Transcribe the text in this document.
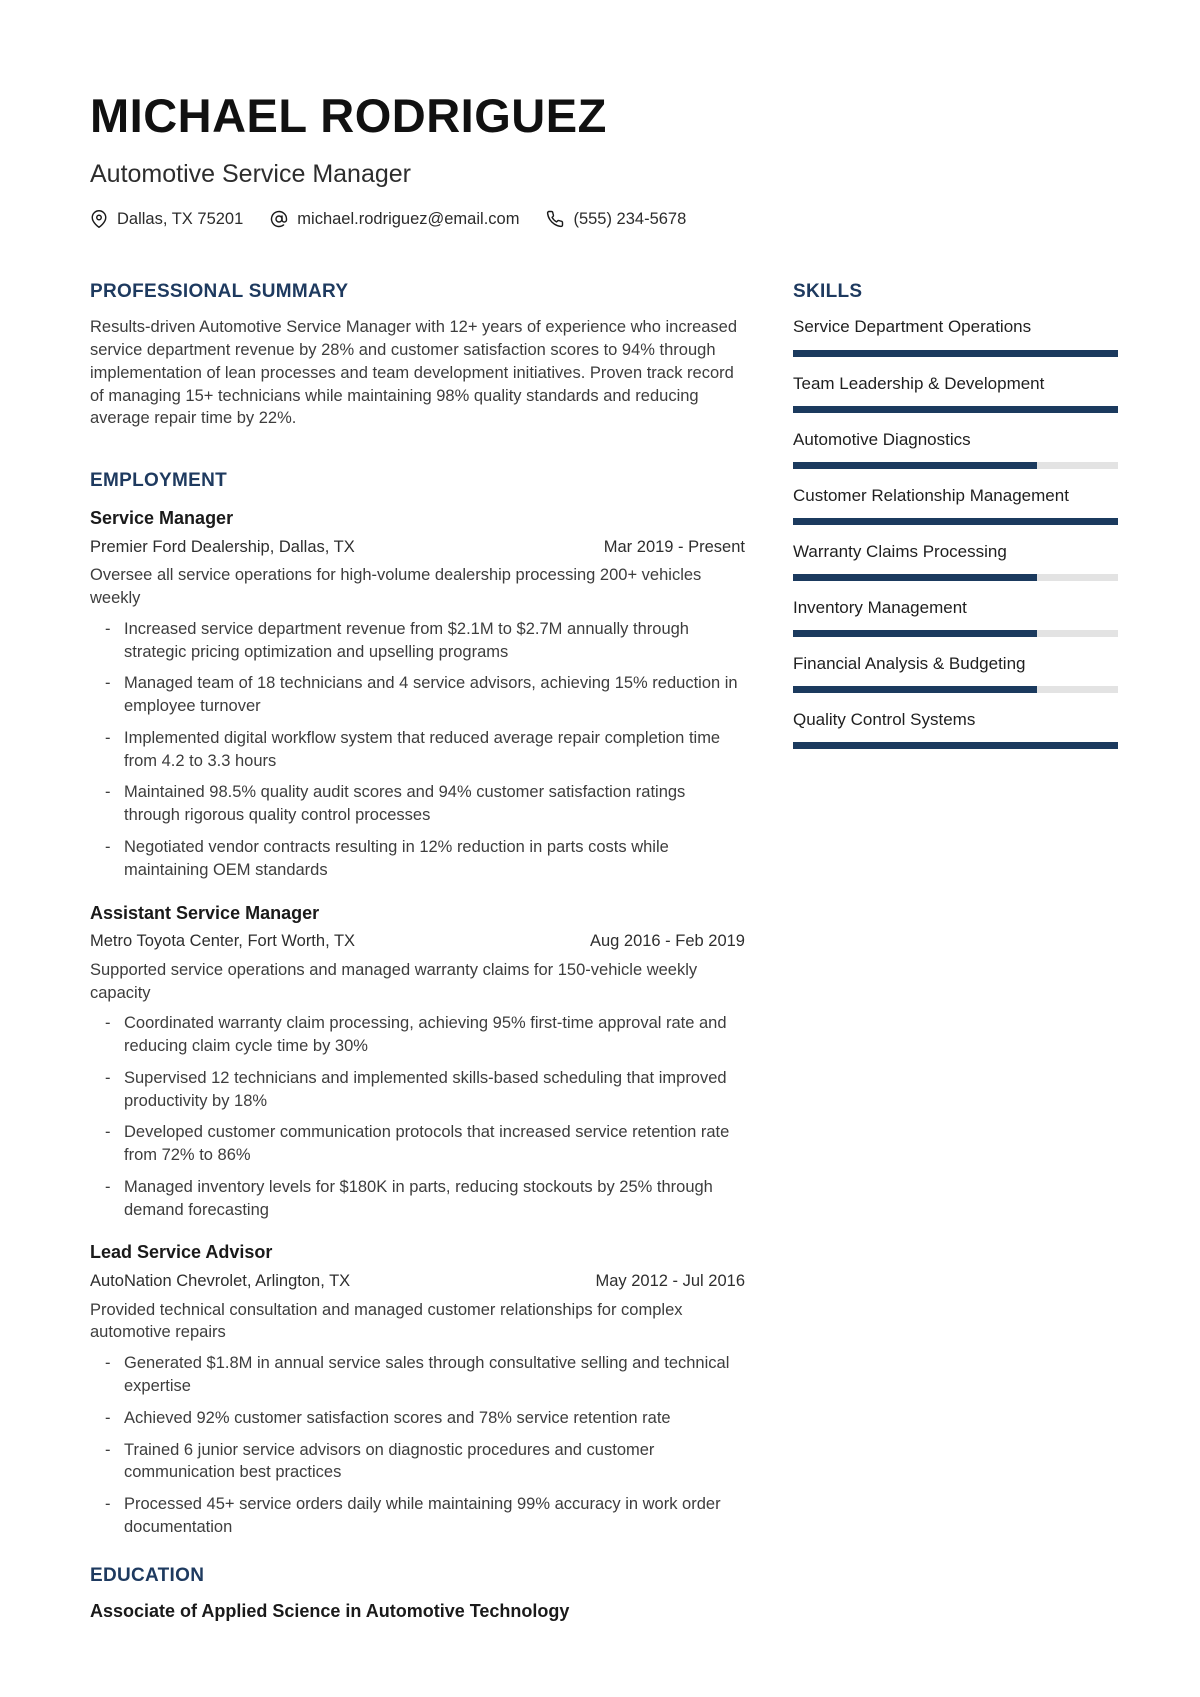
MICHAEL RODRIGUEZ
Automotive Service Manager
Dallas, TX 75201	michael.rodriguez@email.com	(555) 234-5678
PROFESSIONAL SUMMARY

Results-driven Automotive Service Manager with 12+ years of experience who increased service department revenue by 28% and customer satisfaction scores to 94% through implementation of lean processes and team development initiatives. Proven track record of managing 15+ technicians while maintaining 98% quality standards and reducing average repair time by 22%.

EMPLOYMENT
Service Manager
Premier Ford Dealership, Dallas, TX	Mar 2019 - Present

Oversee all service operations for high-volume dealership processing 200+ vehicles weekly

- Increased service department revenue from $2.1M to $2.7M annually through strategic pricing optimization and upselling programs
- Managed team of 18 technicians and 4 service advisors, achieving 15% reduction in employee turnover
- Implemented digital workflow system that reduced average repair completion time from 4.2 to 3.3 hours
- Maintained 98.5% quality audit scores and 94% customer satisfaction ratings through rigorous quality control processes
- Negotiated vendor contracts resulting in 12% reduction in parts costs while maintaining OEM standards
Assistant Service Manager
Metro Toyota Center, Fort Worth, TX	Aug 2016 - Feb 2019

Supported service operations and managed warranty claims for 150-vehicle weekly capacity

- Coordinated warranty claim processing, achieving 95% first-time approval rate and reducing claim cycle time by 30%
- Supervised 12 technicians and implemented skills-based scheduling that improved productivity by 18%
- Developed customer communication protocols that increased service retention rate from 72% to 86%
- Managed inventory levels for $180K in parts, reducing stockouts by 25% through demand forecasting
Lead Service Advisor
AutoNation Chevrolet, Arlington, TX	May 2012 - Jul 2016

Provided technical consultation and managed customer relationships for complex automotive repairs

- Generated $1.8M in annual service sales through consultative selling and technical expertise
- Achieved 92% customer satisfaction scores and 78% service retention rate
- Trained 6 junior service advisors on diagnostic procedures and customer communication best practices
- Processed 45+ service orders daily while maintaining 99% accuracy in work order documentation
EDUCATION
Associate of Applied Science in Automotive Technology
SKILLS
Service Department Operations
Team Leadership & Development
Automotive Diagnostics
Customer Relationship Management
Warranty Claims Processing
Inventory Management
Financial Analysis & Budgeting
Quality Control Systems
